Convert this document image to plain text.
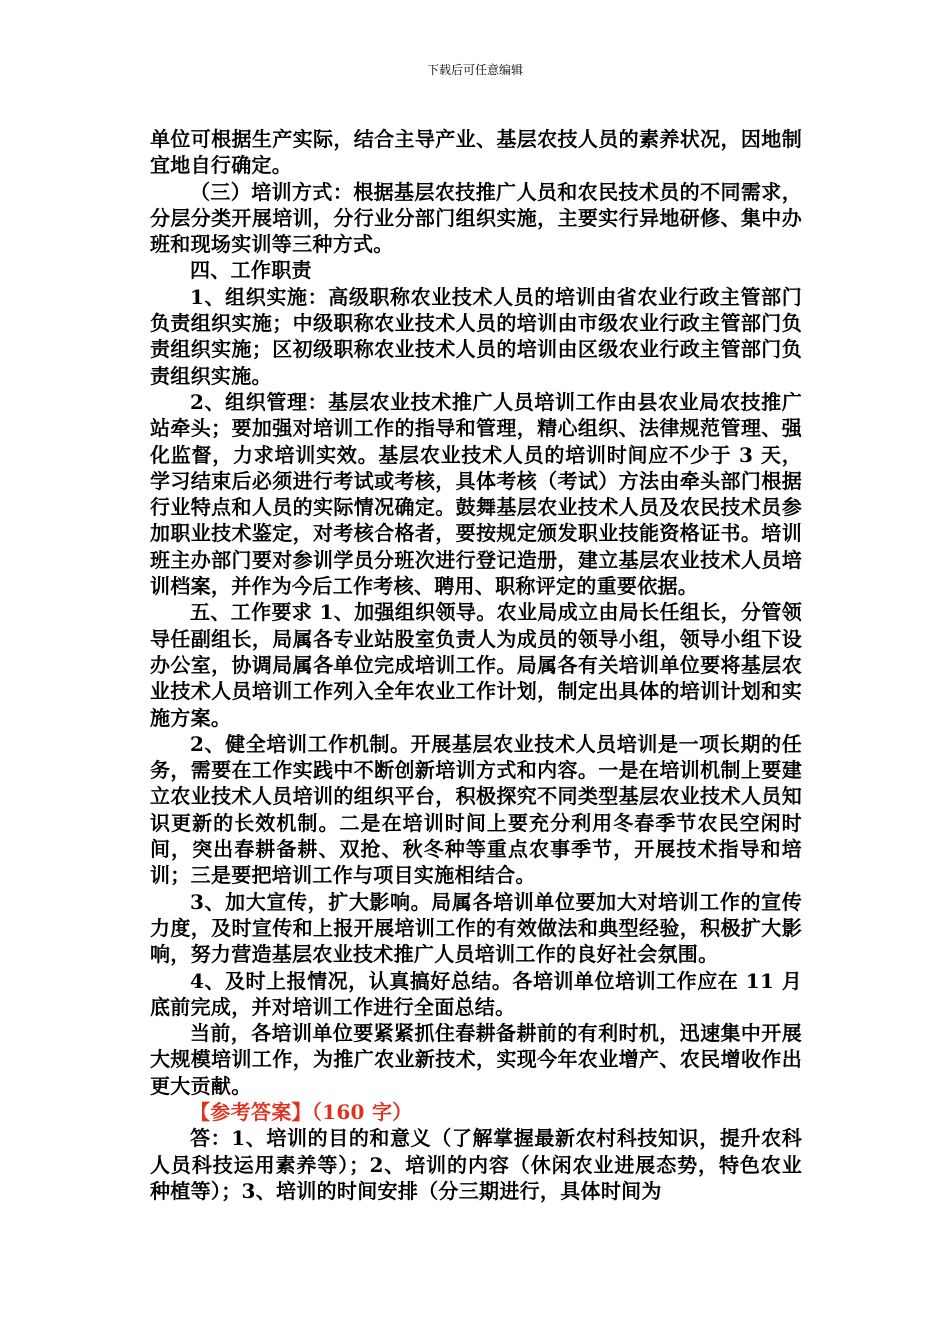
下载后可任意编辑

单位可根据生产实际，结合主导产业、基层农技人员的素养状况，因地制宜地自行确定。

（三）培训方式：根据基层农技推广人员和农民技术员的不同需求，分层分类开展培训，分行业分部门组织实施，主要实行异地研修、集中办班和现场实训等三种方式。

四、工作职责

1、组织实施：高级职称农业技术人员的培训由省农业行政主管部门负责组织实施；中级职称农业技术人员的培训由市级农业行政主管部门负责组织实施；区初级职称农业技术人员的培训由区级农业行政主管部门负责组织实施。

2、组织管理：基层农业技术推广人员培训工作由县农业局农技推广站牵头；要加强对培训工作的指导和管理，精心组织、法律规范管理、强化监督，力求培训实效。基层农业技术人员的培训时间应不少于 3 天，学习结束后必须进行考试或考核，具体考核（考试）方法由牵头部门根据行业特点和人员的实际情况确定。鼓舞基层农业技术人员及农民技术员参加职业技术鉴定，对考核合格者，要按规定颁发职业技能资格证书。培训班主办部门要对参训学员分班次进行登记造册，建立基层农业技术人员培训档案，并作为今后工作考核、聘用、职称评定的重要依据。

五、工作要求 1、加强组织领导。农业局成立由局长任组长，分管领导任副组长，局属各专业站股室负责人为成员的领导小组，领导小组下设办公室，协调局属各单位完成培训工作。局属各有关培训单位要将基层农业技术人员培训工作列入全年农业工作计划，制定出具体的培训计划和实施方案。

2、健全培训工作机制。开展基层农业技术人员培训是一项长期的任务，需要在工作实践中不断创新培训方式和内容。一是在培训机制上要建立农业技术人员培训的组织平台，积极探究不同类型基层农业技术人员知识更新的长效机制。二是在培训时间上要充分利用冬春季节农民空闲时间，突出春耕备耕、双抢、秋冬种等重点农事季节，开展技术指导和培训；三是要把培训工作与项目实施相结合。

3、加大宣传，扩大影响。局属各培训单位要加大对培训工作的宣传力度，及时宣传和上报开展培训工作的有效做法和典型经验，积极扩大影响，努力营造基层农业技术推广人员培训工作的良好社会氛围。

4、及时上报情况，认真搞好总结。各培训单位培训工作应在 11 月底前完成，并对培训工作进行全面总结。

当前，各培训单位要紧紧抓住春耕备耕前的有利时机，迅速集中开展大规模培训工作，为推广农业新技术，实现今年农业增产、农民增收作出更大贡献。

【参考答案】（160 字）

答：1、培训的目的和意义（了解掌握最新农村科技知识，提升农科人员科技运用素养等）；2、培训的内容（休闲农业进展态势，特色农业种植等）；3、培训的时间安排（分三期进行，具体时间为
